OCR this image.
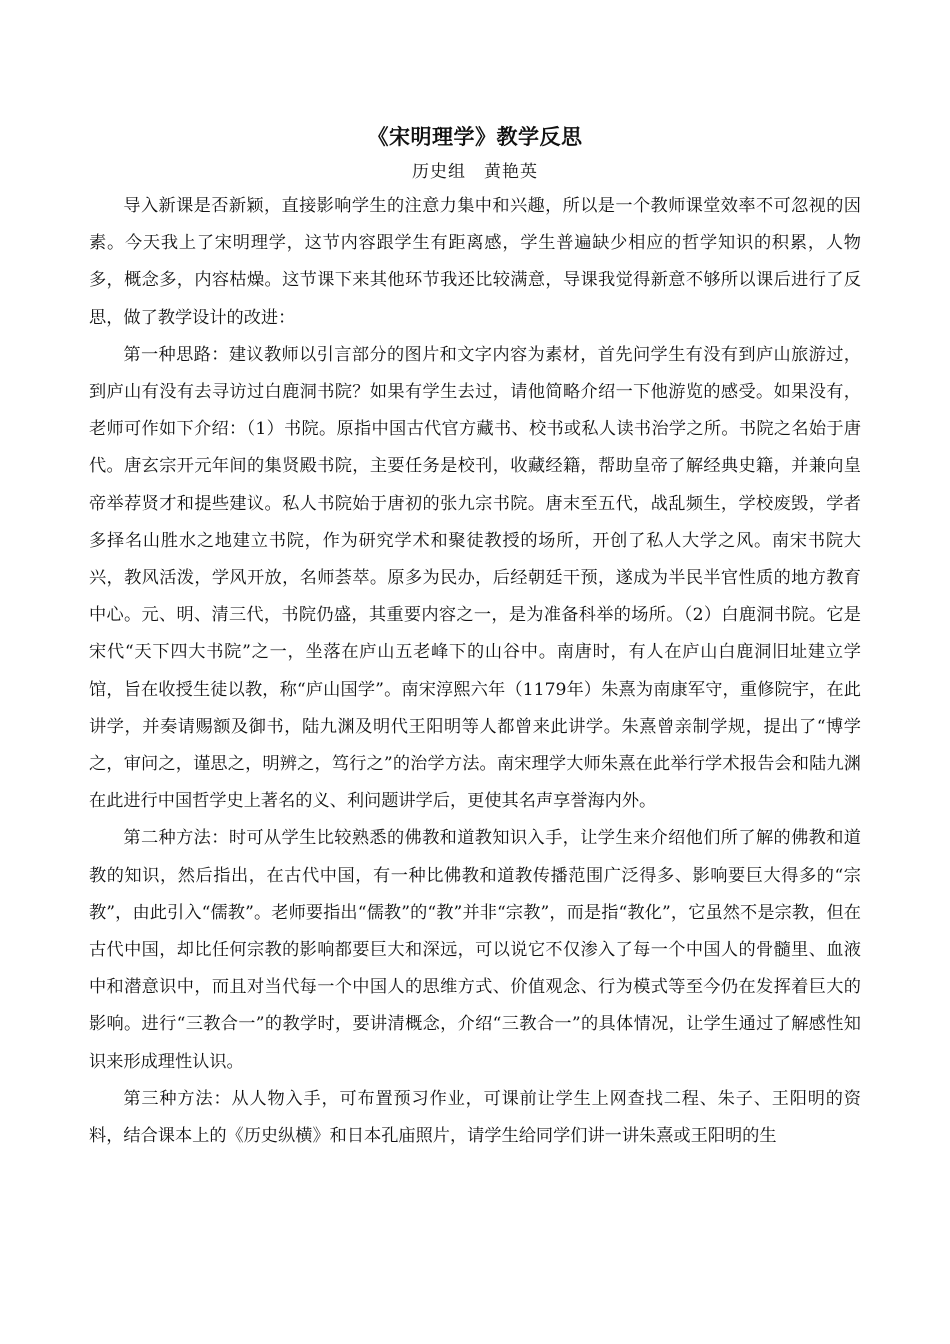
《宋明理学》教学反思
历史组 黄艳英

导入新课是否新颖，直接影响学生的注意力集中和兴趣，所以是一个教师课堂效率不可忽视的因素。今天我上了宋明理学，这节内容跟学生有距离感，学生普遍缺少相应的哲学知识的积累，人物多，概念多，内容枯燥。这节课下来其他环节我还比较满意，导课我觉得新意不够所以课后进行了反思，做了教学设计的改进：

第一种思路：建议教师以引言部分的图片和文字内容为素材，首先问学生有没有到庐山旅游过，到庐山有没有去寻访过白鹿洞书院？如果有学生去过，请他简略介绍一下他游览的感受。如果没有，老师可作如下介绍：（1）书院。原指中国古代官方藏书、校书或私人读书治学之所。书院之名始于唐代。唐玄宗开元年间的集贤殿书院，主要任务是校刊，收藏经籍，帮助皇帝了解经典史籍，并兼向皇帝举荐贤才和提些建议。私人书院始于唐初的张九宗书院。唐末至五代，战乱频生，学校废毁，学者多择名山胜水之地建立书院，作为研究学术和聚徒教授的场所，开创了私人大学之风。南宋书院大兴，教风活泼，学风开放，名师荟萃。原多为民办，后经朝廷干预，遂成为半民半官性质的地方教育中心。元、明、清三代，书院仍盛，其重要内容之一，是为准备科举的场所。（2）白鹿洞书院。它是宋代“天下四大书院”之一，坐落在庐山五老峰下的山谷中。南唐时，有人在庐山白鹿洞旧址建立学馆，旨在收授生徒以教，称“庐山国学”。南宋淳熙六年（1179年）朱熹为南康军守，重修院宇，在此讲学，并奏请赐额及御书，陆九渊及明代王阳明等人都曾来此讲学。朱熹曾亲制学规，提出了“博学之，审问之，谨思之，明辨之，笃行之”的治学方法。南宋理学大师朱熹在此举行学术报告会和陆九渊在此进行中国哲学史上著名的义、利问题讲学后，更使其名声享誉海内外。

第二种方法：时可从学生比较熟悉的佛教和道教知识入手，让学生来介绍他们所了解的佛教和道教的知识，然后指出，在古代中国，有一种比佛教和道教传播范围广泛得多、影响要巨大得多的“宗教”，由此引入“儒教”。老师要指出“儒教”的“教”并非“宗教”，而是指“教化”，它虽然不是宗教，但在古代中国，却比任何宗教的影响都要巨大和深远，可以说它不仅渗入了每一个中国人的骨髓里、血液中和潜意识中，而且对当代每一个中国人的思维方式、价值观念、行为模式等至今仍在发挥着巨大的影响。进行“三教合一”的教学时，要讲清概念，介绍“三教合一”的具体情况，让学生通过了解感性知识来形成理性认识。

第三种方法：从人物入手，可布置预习作业，可课前让学生上网查找二程、朱子、王阳明的资料，结合课本上的《历史纵横》和日本孔庙照片，请学生给同学们讲一讲朱熹或王阳明的生
